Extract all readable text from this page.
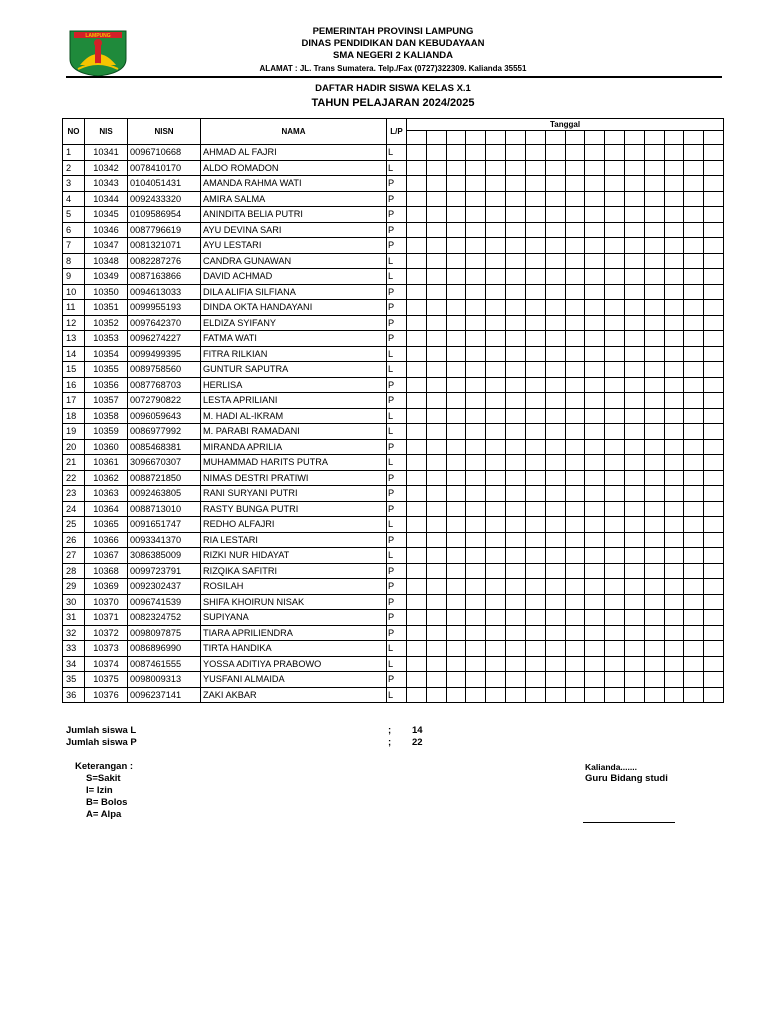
LAMPUNG	PEMERINTAH PROVINSI LAMPUNG
DINAS PENDIDIKAN DAN KEBUDAYAAN
SMA NEGERI 2 KALIANDA
ALAMAT : JL. Trans Sumatera. Telp./Fax (0727)322309. Kalianda 35551
DAFTAR HADIR SISWA KELAS X.1
TAHUN PELAJARAN 2024/2025
NO	NIS	NISN	NAMA	L/P	Tanggal															

1	10341	0096710668	AHMAD AL FAJRI	L																
2	10342	0078410170	ALDO ROMADON	L																
3	10343	0104051431	AMANDA RAHMA WATI	P																
4	10344	0092433320	AMIRA SALMA	P																
5	10345	0109586954	ANINDITA BELIA PUTRI	P																
6	10346	0087796619	AYU DEVINA SARI	P																
7	10347	0081321071	AYU LESTARI	P																
8	10348	0082287276	CANDRA GUNAWAN	L																
9	10349	0087163866	DAVID ACHMAD	L																
10	10350	0094613033	DILA ALIFIA SILFIANA	P																
11	10351	0099955193	DINDA OKTA HANDAYANI	P																
12	10352	0097642370	ELDIZA SYIFANY	P																
13	10353	0096274227	FATMA WATI	P																
14	10354	0099499395	FITRA RILKIAN	L																
15	10355	0089758560	GUNTUR SAPUTRA	L																
16	10356	0087768703	HERLISA	P																
17	10357	0072790822	LESTA APRILIANI	P																
18	10358	0096059643	M. HADI AL-IKRAM	L																
19	10359	0086977992	M. PARABI RAMADANI	L																
20	10360	0085468381	MIRANDA APRILIA	P																
21	10361	3096670307	MUHAMMAD HARITS PUTRA	L																
22	10362	0088721850	NIMAS DESTRI PRATIWI	P																
23	10363	0092463805	RANI SURYANI PUTRI	P																
24	10364	0088713010	RASTY BUNGA PUTRI	P																
25	10365	0091651747	REDHO ALFAJRI	L																
26	10366	0093341370	RIA LESTARI	P																
27	10367	3086385009	RIZKI NUR HIDAYAT	L																
28	10368	0099723791	RIZQIKA SAFITRI	P																
29	10369	0092302437	ROSILAH	P																
30	10370	0096741539	SHIFA KHOIRUN NISAK	P																
31	10371	0082324752	SUPIYANA	P																
32	10372	0098097875	TIARA APRILIENDRA	P																
33	10373	0086896990	TIRTA HANDIKA	L																
34	10374	0087461555	YOSSA ADITIYA PRABOWO	L																
35	10375	0098009313	YUSFANI ALMAIDA	P																
36	10376	0096237141	ZAKI AKBAR	L																
Jumlah siswa L	; 14
Jumlah siswa P	; 22
Keterangan :
S=Sakit
I= Izin
B= Bolos
A= Alpa
Kalianda.......
Guru Bidang studi
